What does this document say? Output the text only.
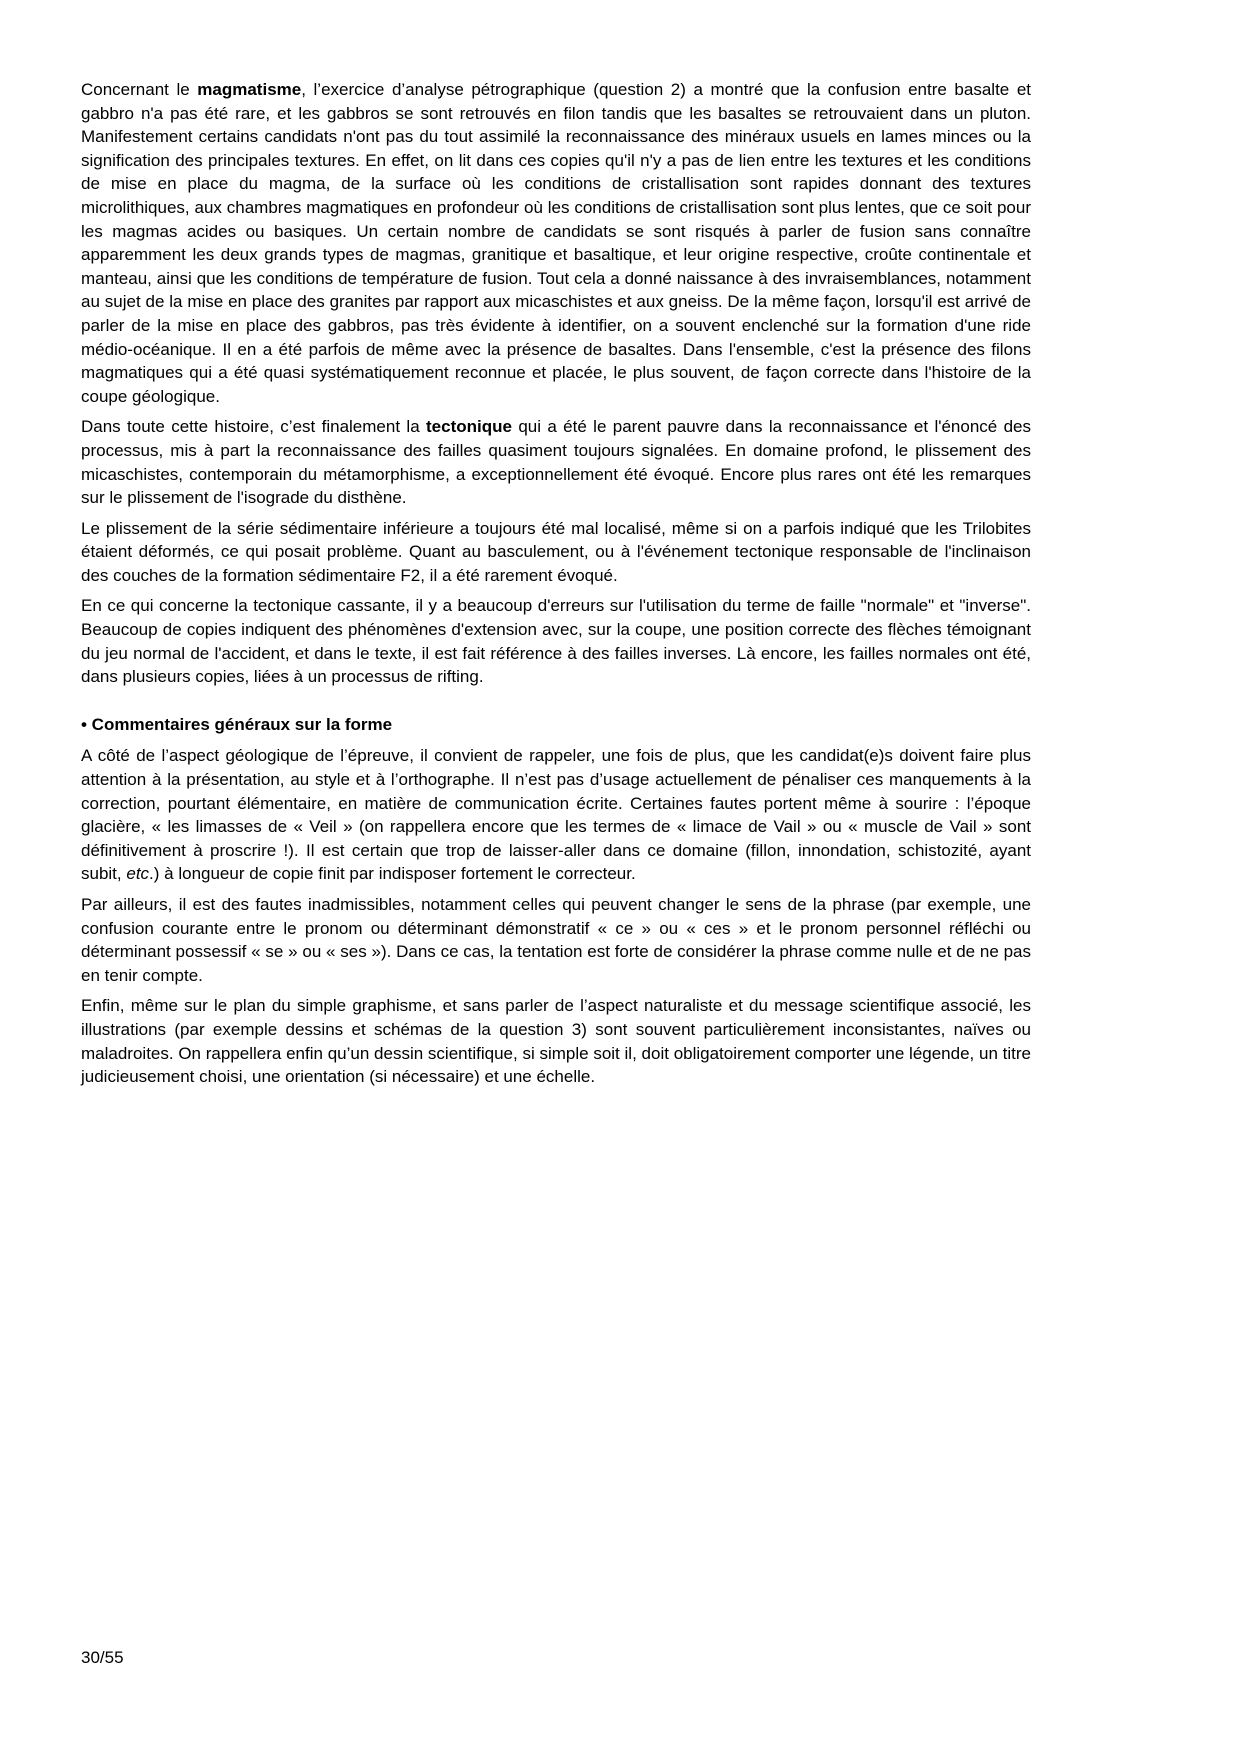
Concernant le magmatisme, l’exercice d’analyse pétrographique (question 2) a montré que la confusion entre basalte et gabbro n'a pas été rare, et les gabbros se sont retrouvés en filon tandis que les basaltes se retrouvaient dans un pluton. Manifestement certains candidats n'ont pas du tout assimilé la reconnaissance des minéraux usuels en lames minces ou la signification des principales textures. En effet, on lit dans ces copies qu'il n'y a pas de lien entre les textures et les conditions de mise en place du magma, de la surface où les conditions de cristallisation sont rapides donnant des textures microlithiques, aux chambres magmatiques en profondeur où les conditions de cristallisation sont plus lentes, que ce soit pour les magmas acides ou basiques. Un certain nombre de candidats se sont risqués à parler de fusion sans connaître apparemment les deux grands types de magmas, granitique et basaltique, et leur origine respective, croûte continentale et manteau, ainsi que les conditions de température de fusion. Tout cela a donné naissance à des invraisemblances, notamment au sujet de la mise en place des granites par rapport aux micaschistes et aux gneiss. De la même façon, lorsqu'il est arrivé de parler de la mise en place des gabbros, pas très évidente à identifier, on a souvent enclenché sur la formation d'une ride médio-océanique. Il en a été parfois de même avec la présence de basaltes. Dans l'ensemble, c'est la présence des filons magmatiques qui a été quasi systématiquement reconnue et placée, le plus souvent, de façon correcte dans l'histoire de la coupe géologique.

Dans toute cette histoire, c’est finalement la tectonique qui a été le parent pauvre dans la reconnaissance et l'énoncé des processus, mis à part la reconnaissance des failles quasiment toujours signalées. En domaine profond, le plissement des micaschistes, contemporain du métamorphisme, a exceptionnellement été évoqué. Encore plus rares ont été les remarques sur le plissement de l'isograde du disthène.

Le plissement de la série sédimentaire inférieure a toujours été mal localisé, même si on a parfois indiqué que les Trilobites étaient déformés, ce qui posait problème. Quant au basculement, ou à l'événement tectonique responsable de l'inclinaison des couches de la formation sédimentaire F2, il a été rarement évoqué.

En ce qui concerne la tectonique cassante, il y a beaucoup d'erreurs sur l'utilisation du terme de faille "normale" et "inverse". Beaucoup de copies indiquent des phénomènes d'extension avec, sur la coupe, une position correcte des flèches témoignant du jeu normal de l'accident, et dans le texte, il est fait référence à des failles inverses. Là encore, les failles normales ont été, dans plusieurs copies, liées à un processus de rifting.

• Commentaires généraux sur la forme

A côté de l’aspect géologique de l’épreuve, il convient de rappeler, une fois de plus, que les candidat(e)s doivent faire plus attention à la présentation, au style et à l’orthographe. Il n’est pas d’usage actuellement de pénaliser ces manquements à la correction, pourtant élémentaire, en matière de communication écrite. Certaines fautes portent même à sourire : l’époque glacière, « les limasses de « Veil » (on rappellera encore que les termes de « limace de Vail » ou « muscle de Vail » sont définitivement à proscrire !). Il est certain que trop de laisser-aller dans ce domaine (fillon, innondation, schistozité, ayant subit, etc.) à longueur de copie finit par indisposer fortement le correcteur.

Par ailleurs, il est des fautes inadmissibles, notamment celles qui peuvent changer le sens de la phrase (par exemple, une confusion courante entre le pronom ou déterminant démonstratif « ce » ou « ces » et le pronom personnel réfléchi ou déterminant possessif « se » ou « ses »). Dans ce cas, la tentation est forte de considérer la phrase comme nulle et de ne pas en tenir compte.

Enfin, même sur le plan du simple graphisme, et sans parler de l’aspect naturaliste et du message scientifique associé, les illustrations (par exemple dessins et schémas de la question 3) sont souvent particulièrement inconsistantes, naïves ou maladroites. On rappellera enfin qu’un dessin scientifique, si simple soit il, doit obligatoirement comporter une légende, un titre judicieusement choisi, une orientation (si nécessaire) et une échelle.

30/55
